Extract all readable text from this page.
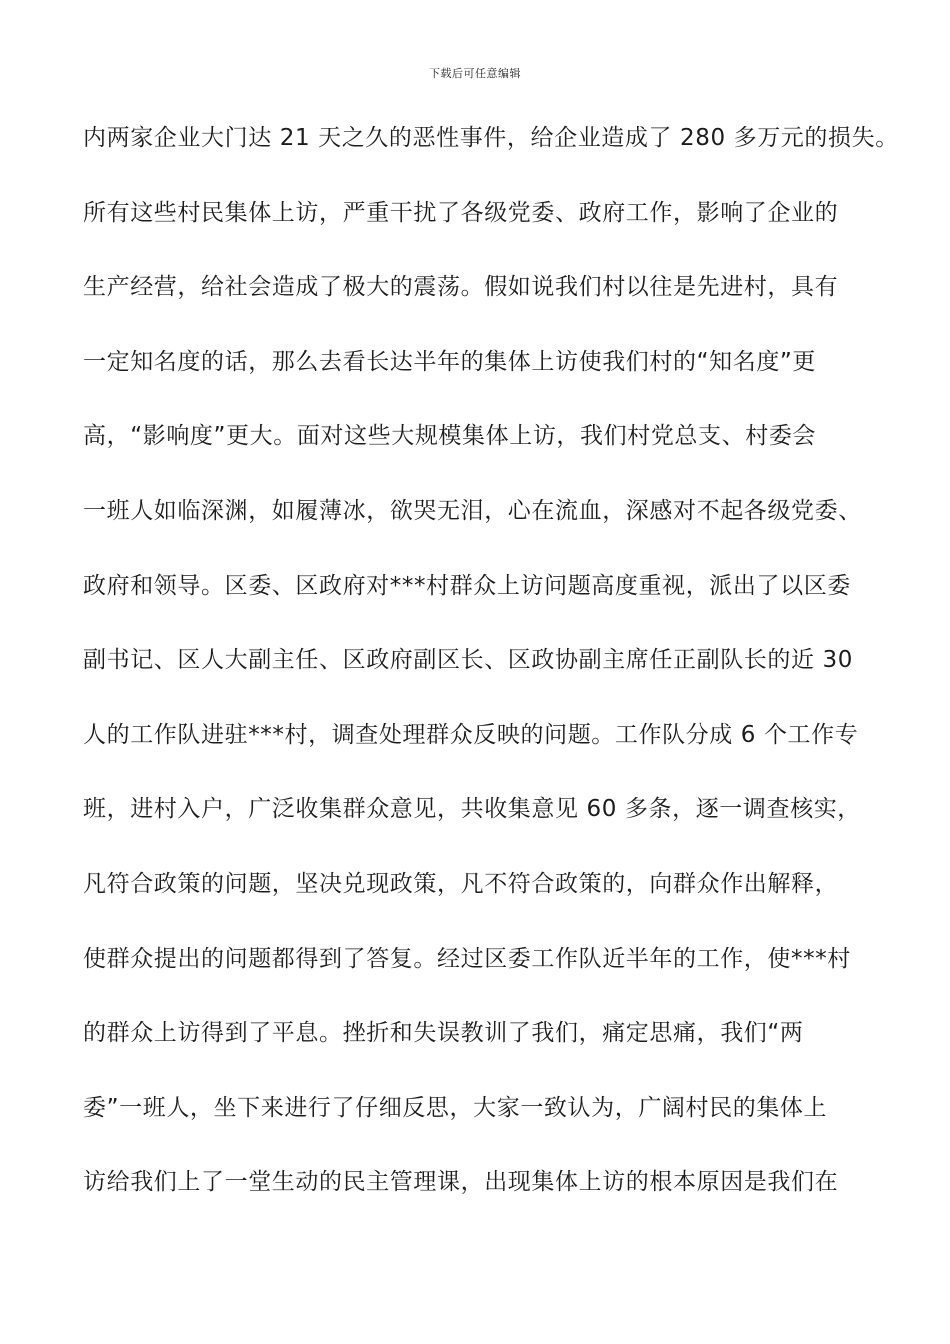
下载后可任意编辑
内两家企业大门达 21 天之久的恶性事件，给企业造成了 280 多万元的损失。
所有这些村民集体上访，严重干扰了各级党委、政府工作，影响了企业的
生产经营，给社会造成了极大的震荡。假如说我们村以往是先进村，具有
一定知名度的话，那么去看长达半年的集体上访使我们村的“知名度”更
高，“影响度”更大。面对这些大规模集体上访，我们村党总支、村委会
一班人如临深渊，如履薄冰，欲哭无泪，心在流血，深感对不起各级党委、
政府和领导。区委、区政府对***村群众上访问题高度重视，派出了以区委
副书记、区人大副主任、区政府副区长、区政协副主席任正副队长的近 30
人的工作队进驻***村，调查处理群众反映的问题。工作队分成 6 个工作专
班，进村入户，广泛收集群众意见，共收集意见 60 多条，逐一调查核实，
凡符合政策的问题，坚决兑现政策，凡不符合政策的，向群众作出解释，
使群众提出的问题都得到了答复。经过区委工作队近半年的工作，使***村
的群众上访得到了平息。挫折和失误教训了我们，痛定思痛，我们“两
委”一班人，坐下来进行了仔细反思，大家一致认为，广阔村民的集体上
访给我们上了一堂生动的民主管理课，出现集体上访的根本原因是我们在
